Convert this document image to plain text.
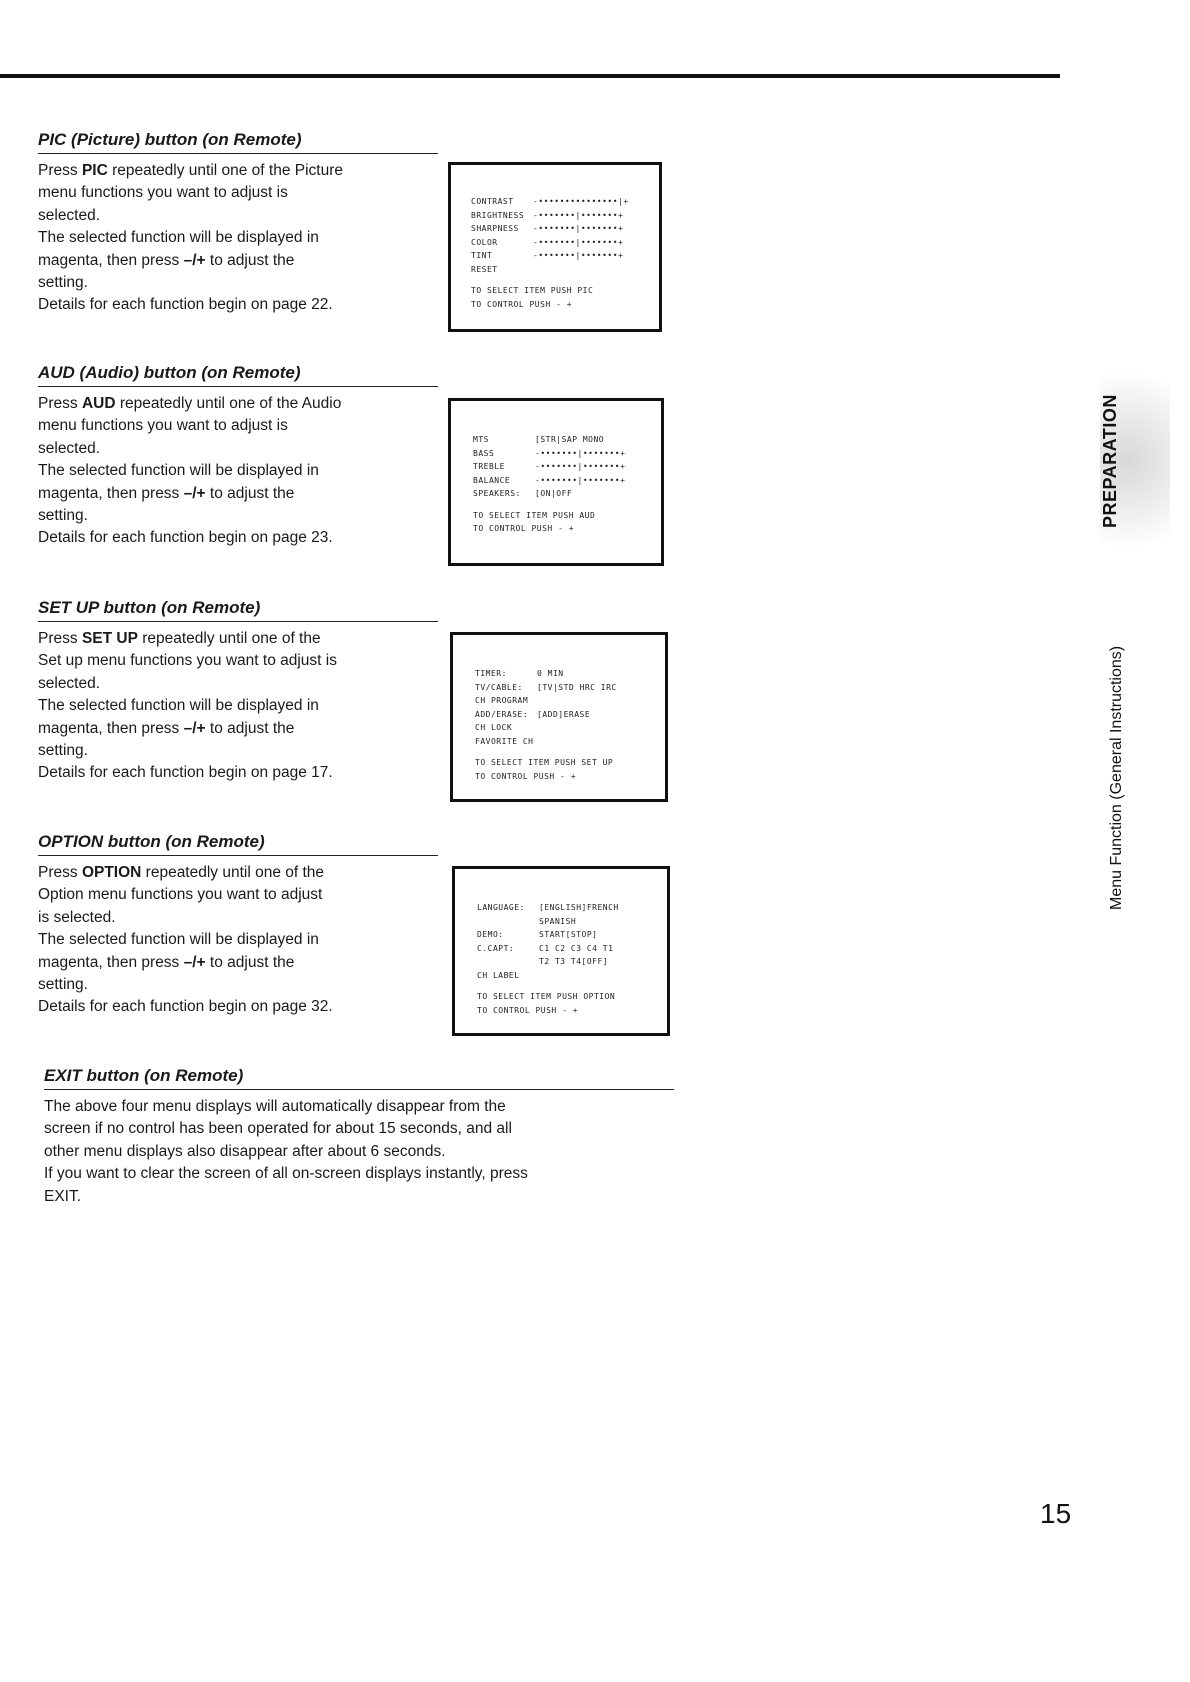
PIC (Picture) button (on Remote)

Press PIC repeatedly until one of the Picture

menu functions you want to adjust is

selected.

The selected function will be displayed in

magenta, then press –/+ to adjust the

setting.

Details for each function begin on page 22.

CONTRAST	-•••••••••••••••|+
BRIGHTNESS	-•••••••|•••••••+
SHARPNESS	-•••••••|•••••••+
COLOR	-•••••••|•••••••+
TINT	-•••••••|•••••••+
RESET
TO SELECT ITEM PUSH PIC
TO CONTROL PUSH - +
AUD (Audio) button (on Remote)

Press AUD repeatedly until one of the Audio

menu functions you want to adjust is

selected.

The selected function will be displayed in

magenta, then press –/+ to adjust the

setting.

Details for each function begin on page 23.

MTS	[STR|SAP MONO
BASS	-•••••••|•••••••+
TREBLE	-•••••••|•••••••+
BALANCE	-•••••••|•••••••+
SPEAKERS:	[ON|OFF
TO SELECT ITEM PUSH AUD
TO CONTROL PUSH - +
SET UP button (on Remote)

Press SET UP repeatedly until one of the

Set up menu functions you want to adjust is

selected.

The selected function will be displayed in

magenta, then press –/+ to adjust the

setting.

Details for each function begin on page 17.

TIMER:	0 MIN
TV/CABLE:	[TV|STD HRC IRC
CH PROGRAM
ADD/ERASE:	[ADD]ERASE
CH LOCK
FAVORITE CH
TO SELECT ITEM PUSH SET UP
TO CONTROL PUSH - +
OPTION button (on Remote)

Press OPTION repeatedly until one of the

Option menu functions you want to adjust

is selected.

The selected function will be displayed in

magenta, then press –/+ to adjust the

setting.

Details for each function begin on page 32.

LANGUAGE:	[ENGLISH]FRENCH
SPANISH
DEMO:	START[STOP]
C.CAPT:	C1 C2 C3 C4 T1
T2 T3 T4[OFF]
CH LABEL
TO SELECT ITEM PUSH OPTION
TO CONTROL PUSH - +
EXIT button (on Remote)

The above four menu displays will automatically disappear from the

screen if no control has been operated for about 15 seconds, and all

other menu displays also disappear after about 6 seconds.

If you want to clear the screen of all on-screen displays instantly, press

EXIT.

PREPARATION
Menu Function (General Instructions)
15
